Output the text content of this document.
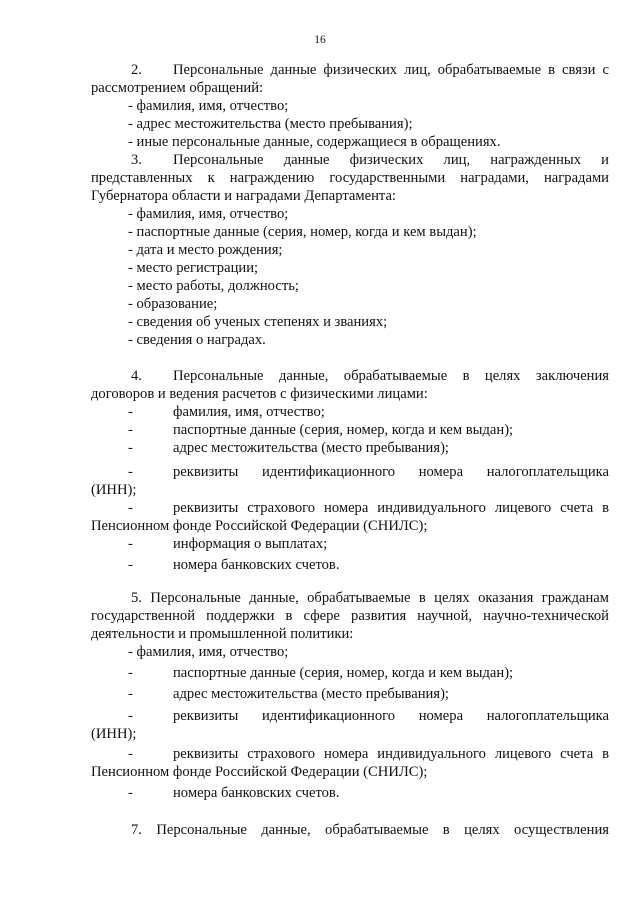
16
2. Персональные данные физических лиц, обрабатываемые в связи с
рассмотрением обращений:
- фамилия, имя, отчество;
- адрес местожительства (место пребывания);
- иные персональные данные, содержащиеся в обращениях.
3. Персональные данные физических лиц, награжденных и
представленных к награждению государственными наградами, наградами
Губернатора области и наградами Департамента:
- фамилия, имя, отчество;
- паспортные данные (серия, номер, когда и кем выдан);
- дата и место рождения;
- место регистрации;
- место работы, должность;
- образование;
- сведения об ученых степенях и званиях;
- сведения о наградах.
4. Персональные данные, обрабатываемые в целях заключения
договоров и ведения расчетов с физическими лицами:
-	фамилия, имя, отчество;
-	паспортные данные (серия, номер, когда и кем выдан);
-	адрес местожительства (место пребывания);
-	реквизиты идентификационного номера налогоплательщика
(ИНН);
-	реквизиты страхового номера индивидуального лицевого счета в
Пенсионном фонде Российской Федерации (СНИЛС);
-	информация о выплатах;
-	номера банковских счетов.
5. Персональные данные, обрабатываемые в целях оказания гражданам
государственной поддержки в сфере развития научной, научно-технической
деятельности и промышленной политики:
- фамилия, имя, отчество;
-	паспортные данные (серия, номер, когда и кем выдан);
-	адрес местожительства (место пребывания);
-	реквизиты идентификационного номера налогоплательщика
(ИНН);
-	реквизиты страхового номера индивидуального лицевого счета в
Пенсионном фонде Российской Федерации (СНИЛС);
-	номера банковских счетов.
7. Персональные данные, обрабатываемые в целях осуществления
